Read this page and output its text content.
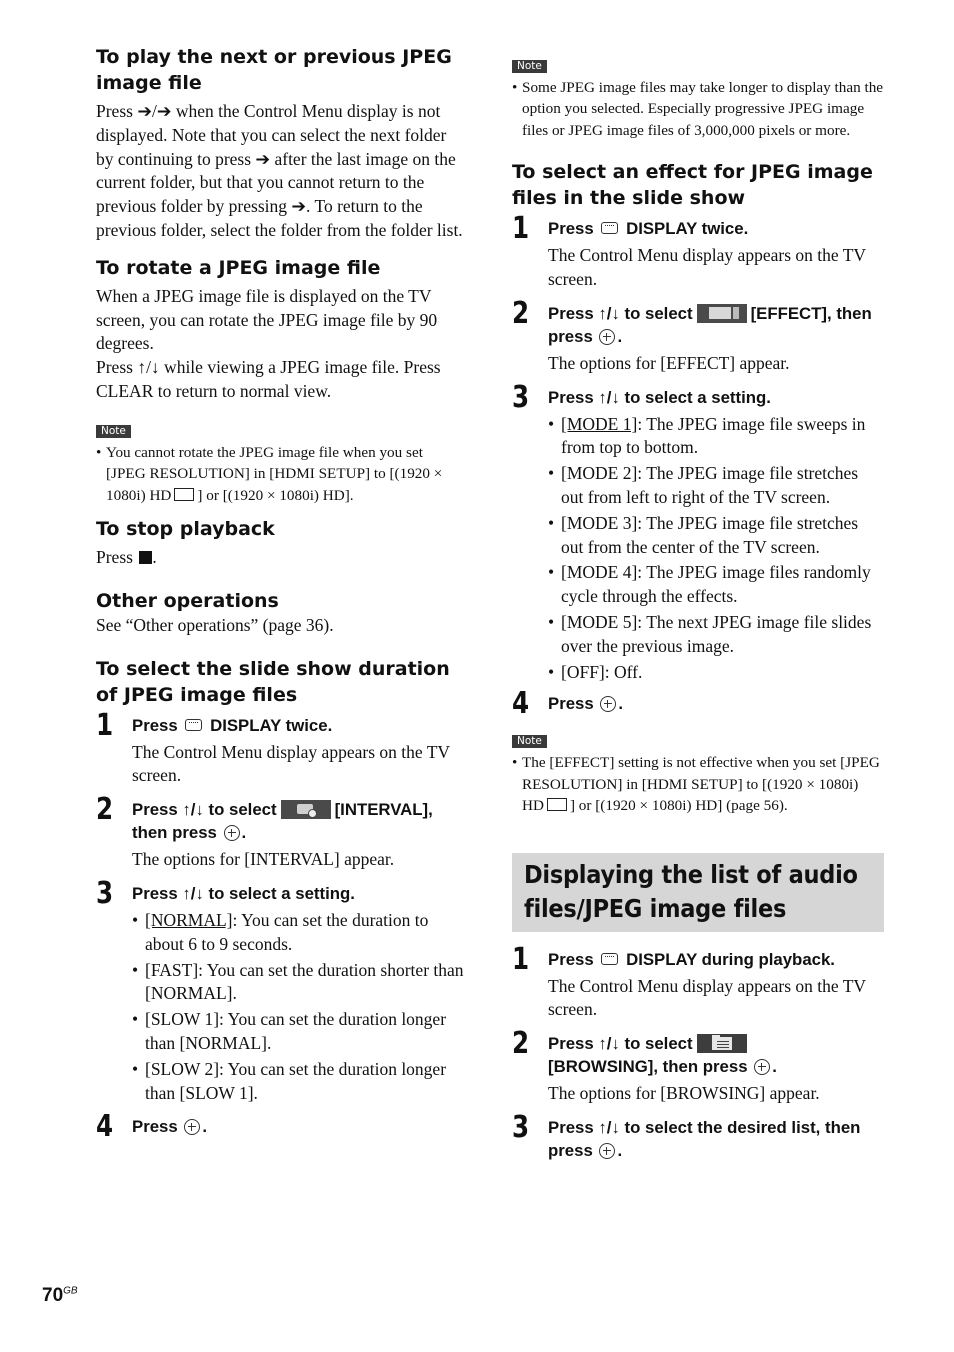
To play the next or previous JPEG image file
Press ➔/➔ when the Control Menu display is not displayed. Note that you can select the next folder by continuing to press ➔ after the last image on the current folder, but that you cannot return to the previous folder by pressing ➔. To return to the previous folder, select the folder from the folder list.
To rotate a JPEG image file
When a JPEG image file is displayed on the TV screen, you can rotate the JPEG image file by 90 degrees.
Press ↑/↓ while viewing a JPEG image file. Press CLEAR to return to normal view.
Note
• You cannot rotate the JPEG image file when you set [JPEG RESOLUTION] in [HDMI SETUP] to [(1920 × 1080i) HD ] or [(1920 × 1080i) HD].
To stop playback
Press .
Other operations
See “Other operations” (page 36).
To select the slide show duration of JPEG image files
1 Press DISPLAY twice.
The Control Menu display appears on the TV screen.
2 Press ↑/↓ to select	[INTERVAL], then press .
The options for [INTERVAL] appear.
3 Press ↑/↓ to select a setting.
• [NORMAL]: You can set the duration to about 6 to 9 seconds.
• [FAST]: You can set the duration shorter than [NORMAL].
• [SLOW 1]: You can set the duration longer than [NORMAL].
• [SLOW 2]: You can set the duration longer than [SLOW 1].
4 Press .
Note
• Some JPEG image files may take longer to display than the option you selected. Especially progressive JPEG image files or JPEG image files of 3,000,000 pixels or more.
To select an effect for JPEG image files in the slide show
1 Press DISPLAY twice.
The Control Menu display appears on the TV screen.
2 Press ↑/↓ to select	[EFFECT], then press .
The options for [EFFECT] appear.
3 Press ↑/↓ to select a setting.
• [MODE 1]: The JPEG image file sweeps in from top to bottom.
• [MODE 2]: The JPEG image file stretches out from left to right of the TV screen.
• [MODE 3]: The JPEG image file stretches out from the center of the TV screen.
• [MODE 4]: The JPEG image files randomly cycle through the effects.
• [MODE 5]: The next JPEG image file slides over the previous image.
• [OFF]: Off.
4 Press .
Note
• The [EFFECT] setting is not effective when you set [JPEG RESOLUTION] in [HDMI SETUP] to [(1920 × 1080i) HD ] or [(1920 × 1080i) HD] (page 56).
Displaying the list of audio files/JPEG image files
1 Press DISPLAY during playback.
The Control Menu display appears on the TV screen.
2 Press ↑/↓ to select

[BROWSING], then press .
The options for [BROWSING] appear.
3 Press ↑/↓ to select the desired list, then press .
$70^{GB}$
